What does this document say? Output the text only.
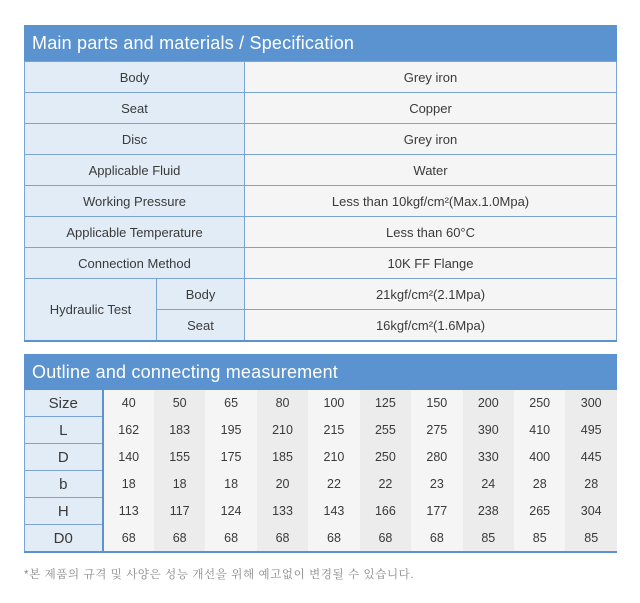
Main parts and materials / Specification
Body		Grey iron
Seat		Copper
Disc		Grey iron
Applicable Fluid		Water
Working Pressure		Less than 10kgf/cm²(Max.1.0Mpa)
Applicable Temperature		Less than 60°C
Connection Method		10K FF Flange
Hydraulic Test	Body	21kgf/cm²(2.1Mpa)
	Seat	16kgf/cm²(1.6Mpa)
Outline and connecting measurement
Size	40	50	65	80	100	125	150	200	250	300
L	162	183	195	210	215	255	275	390	410	495
D	140	155	175	185	210	250	280	330	400	445
b	18	18	18	20	22	22	23	24	28	28
H	113	117	124	133	143	166	177	238	265	304
D0	68	68	68	68	68	68	68	85	85	85
*본 제품의 규격 및 사양은 성능 개선을 위해 예고없이 변경될 수 있습니다.
